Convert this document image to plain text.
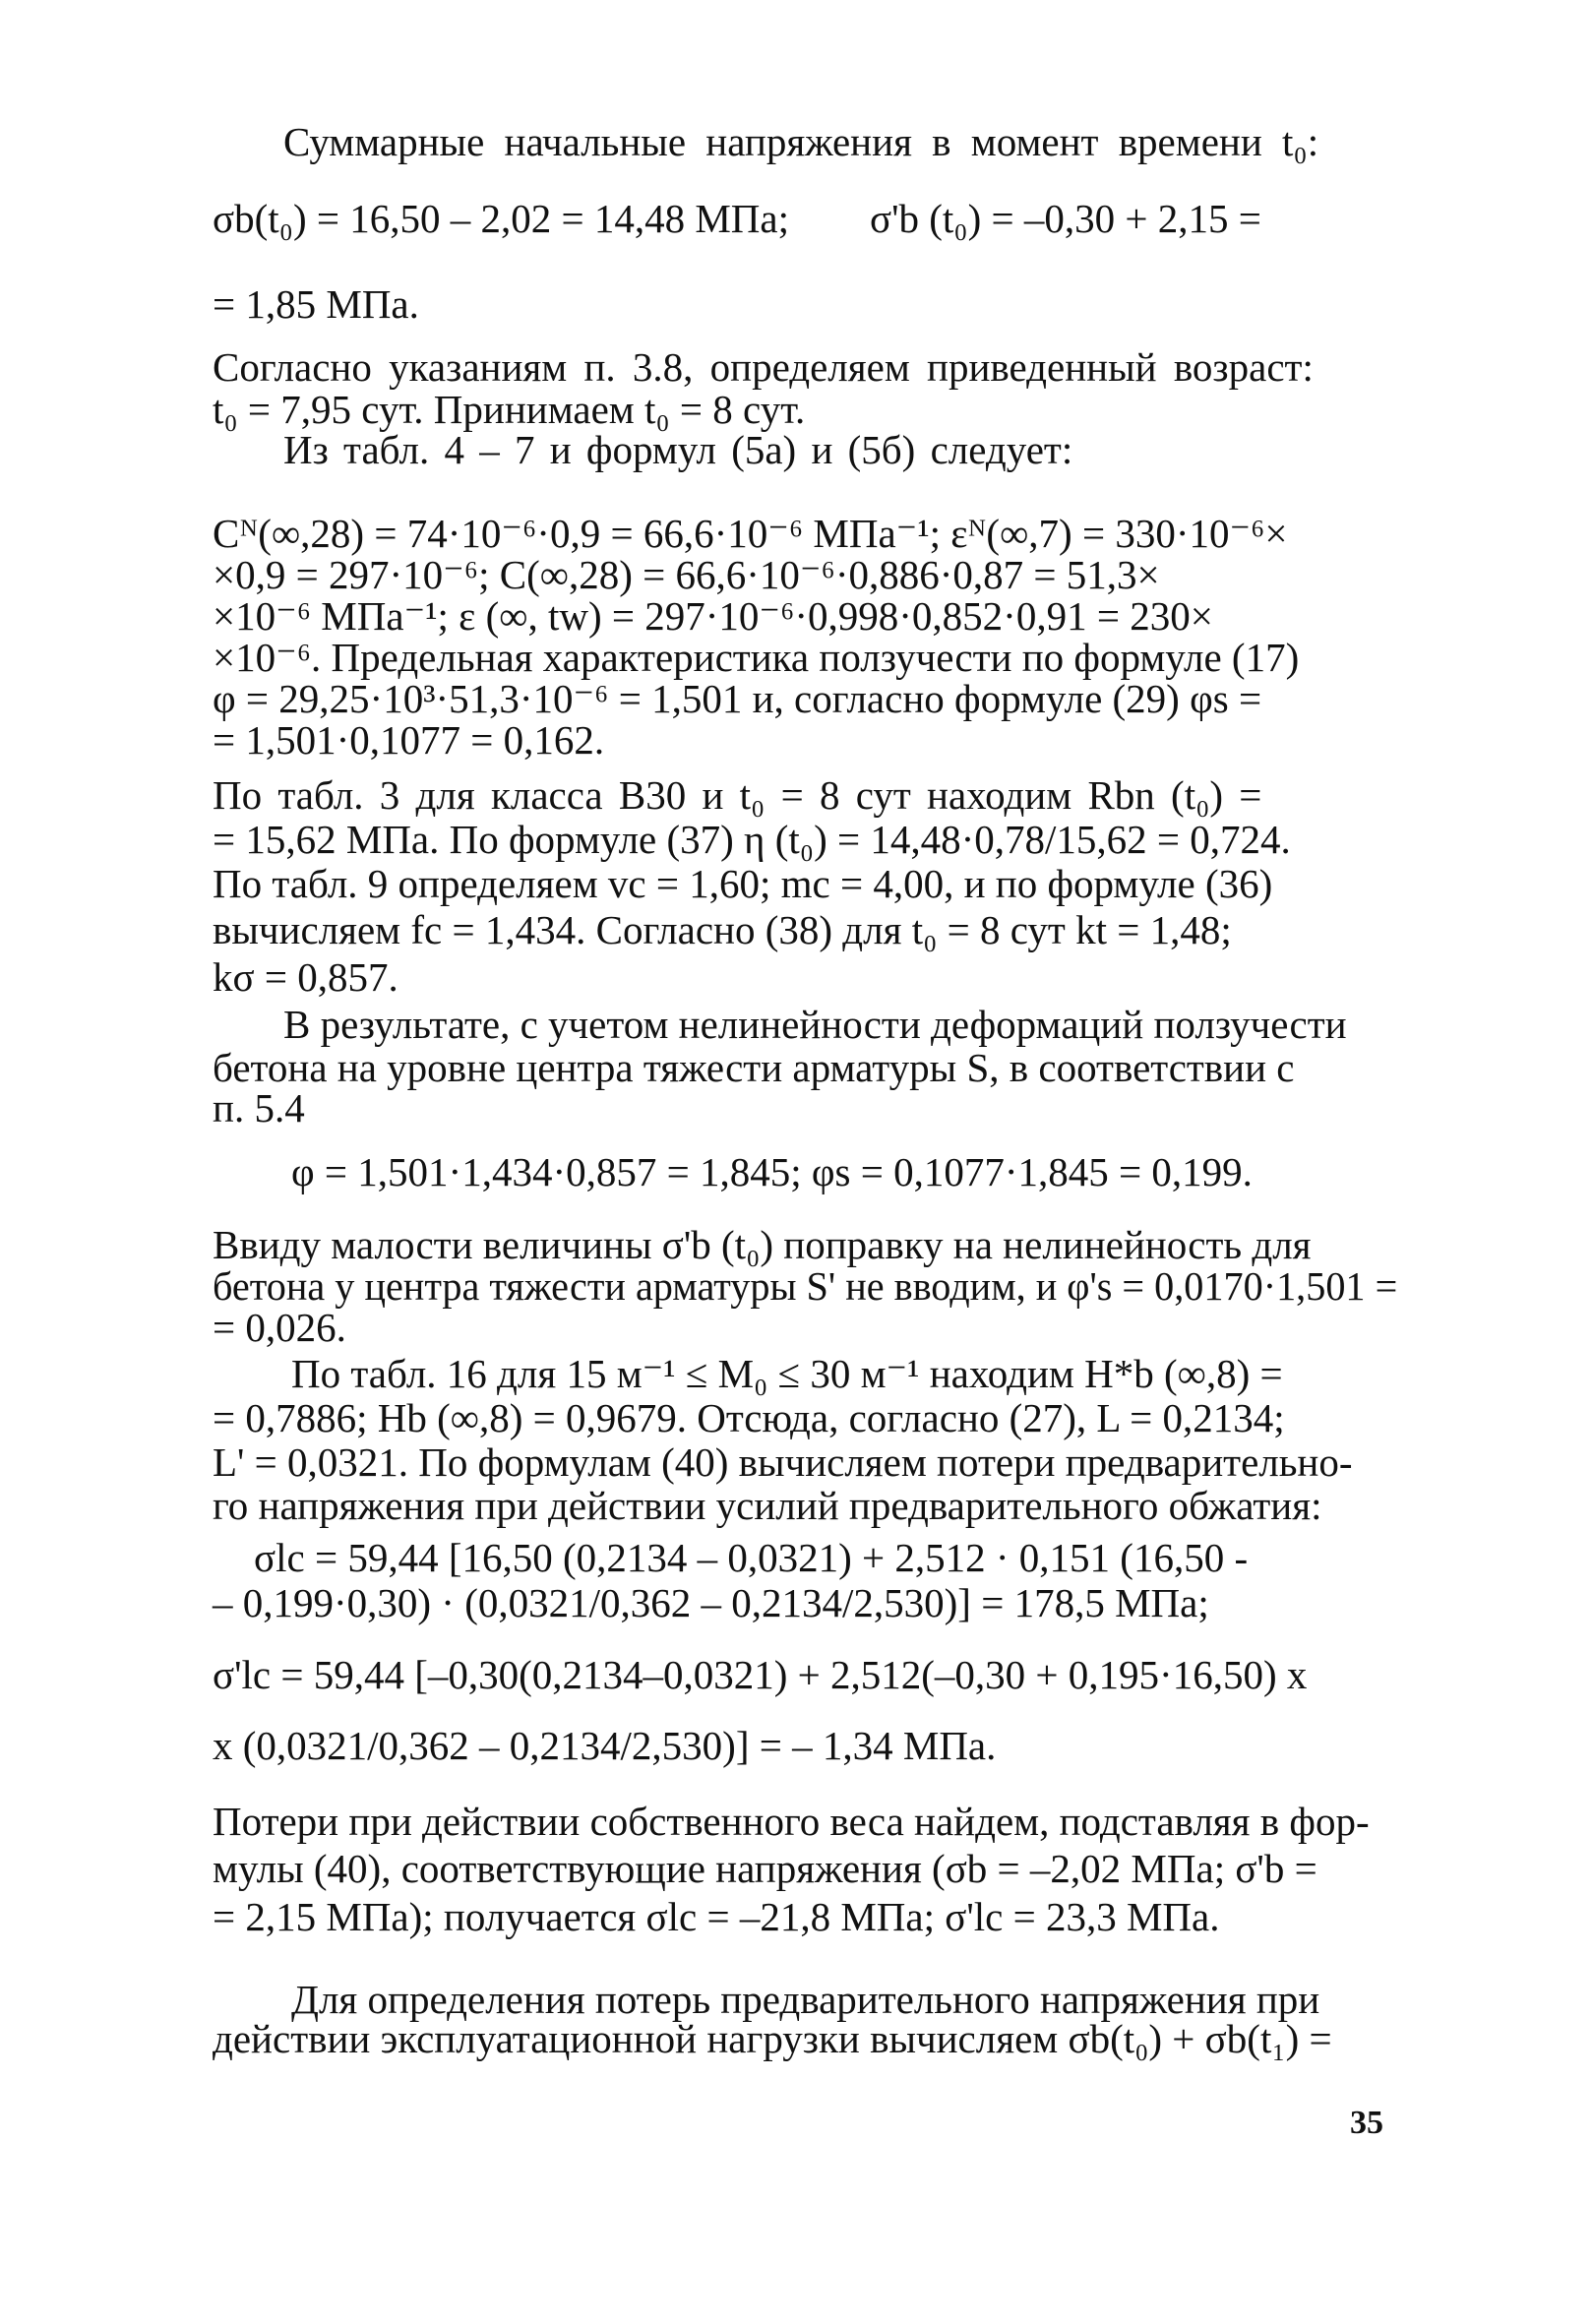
Суммарные начальные напряжения в момент времени t₀:
σb(t₀) = 16,50 – 2,02 = 14,48 МПа;        σ'b (t₀) = –0,30 + 2,15 =
= 1,85 МПа.
Согласно указаниям п. 3.8, определяем приведенный возраст:
t₀ = 7,95 сут. Принимаем t₀ = 8 сут.
Из табл. 4 – 7 и формул (5а) и (5б) следует:
Cᴺ(∞,28) = 74·10⁻⁶·0,9 = 66,6·10⁻⁶ МПа⁻¹; εᴺ(∞,7) = 330·10⁻⁶×
×0,9 = 297·10⁻⁶; C(∞,28) = 66,6·10⁻⁶·0,886·0,87 = 51,3×
×10⁻⁶ МПа⁻¹; ε (∞, tw) = 297·10⁻⁶·0,998·0,852·0,91 = 230×
×10⁻⁶. Предельная характеристика ползучести по формуле (17)
φ = 29,25·10³·51,3·10⁻⁶ = 1,501 и, согласно формуле (29) φs =
= 1,501·0,1077 = 0,162.
По табл. 3 для класса В30 и t₀ = 8 сут находим Rbn (t₀) =
= 15,62 МПа. По формуле (37) η (t₀) = 14,48·0,78/15,62 = 0,724.
По табл. 9 определяем vc = 1,60; mc = 4,00, и по формуле (36)
вычисляем fc = 1,434. Согласно (38) для t₀ = 8 сут kt = 1,48;
kσ = 0,857.
В результате, с учетом нелинейности деформаций ползучести
бетона на уровне центра тяжести арматуры S, в соответствии с
п. 5.4
φ = 1,501·1,434·0,857 = 1,845; φs = 0,1077·1,845 = 0,199.
Ввиду малости величины σ'b (t₀) поправку на нелинейность для
бетона у центра тяжести арматуры S' не вводим, и φ's = 0,0170·1,501 =
= 0,026.
По табл. 16 для 15 м⁻¹ ≤ M₀ ≤ 30 м⁻¹ находим H*b (∞,8) =
= 0,7886; Hb (∞,8) = 0,9679. Отсюда, согласно (27), L = 0,2134;
L' = 0,0321. По формулам (40) вычисляем потери предварительно-
го напряжения при действии усилий предварительного обжатия:
σlc = 59,44 [16,50 (0,2134 – 0,0321) + 2,512 · 0,151 (16,50 -
– 0,199·0,30) · (0,0321/0,362 – 0,2134/2,530)] = 178,5 МПа;
σ'lc = 59,44 [–0,30(0,2134–0,0321) + 2,512(–0,30 + 0,195·16,50) x
x (0,0321/0,362 – 0,2134/2,530)] = – 1,34 МПа.
Потери при действии собственного веса найдем, подставляя в фор-
мулы (40), соответствующие напряжения (σb = –2,02 МПа; σ'b =
= 2,15 МПа); получается σlc = –21,8 МПа; σ'lc = 23,3 МПа.
Для определения потерь предварительного напряжения при
действии эксплуатационной нагрузки вычисляем σb(t₀) + σb(t₁) =
35
